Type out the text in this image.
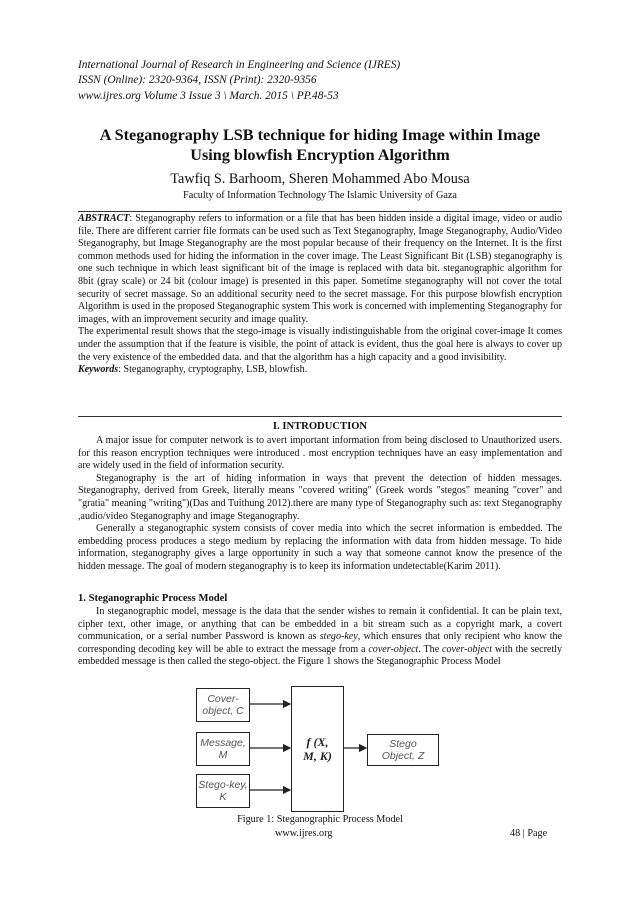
International Journal of Research in Engineering and Science (IJRES)
ISSN (Online): 2320-9364, ISSN (Print): 2320-9356
www.ijres.org Volume 3 Issue 3 \ March. 2015 \ PP.48-53
A Steganography LSB technique for hiding Image within Image
Using blowfish Encryption Algorithm
Tawfiq S. Barhoom, Sheren Mohammed Abo Mousa
Faculty of Information Technology The Islamic University of Gaza

ABSTRACT: Steganography refers to information or a file that has been hidden inside a digital image, video or audio file. There are different carrier file formats can be used such as Text Steganography, Image Steganography, Audio/Video Steganography, but Image Steganography are the most popular because of their frequency on the Internet. It is the first common methods used for hiding the information in the cover image. The Least Significant Bit (LSB) steganography is one such technique in which least significant bit of the image is replaced with data bit. steganographic algorithm for 8bit (gray scale) or 24 bit (colour image) is presented in this paper. Sometime steganography will not cover the total security of secret massage. So an additional security need to the secret massage. For this purpose blowfish encryption Algorithm is used in the proposed Steganographic system This work is concerned with implementing Steganography for images, with an improvement security and image quality.

The experimental result shows that the stego-image is visually indistinguishable from the original cover-image It comes under the assumption that if the feature is visible, the point of attack is evident, thus the goal here is always to cover up the very existence of the embedded data. and that the algorithm has a high capacity and a good invisibility.

Keywords: Steganography, cryptography, LSB, blowfish.

I. INTRODUCTION

A major issue for computer network is to avert important information from being disclosed to Unauthorized users. for this reason encryption techniques were introduced . most encryption techniques have an easy implementation and are widely used in the field of information security.

Steganography is the art of hiding information in ways that prevent the detection of hidden messages. Steganography, derived from Greek, literally means "covered writing" (Greek words "stegos" meaning "cover" and "gratia" meaning "writing")(Das and Tuithung 2012).there are many type of Steganography such as: text Steganography ,audio/video Steganography and image Steganography.

Generally a steganographic system consists of cover media into which the secret information is embedded. The embedding process produces a stego medium by replacing the information with data from hidden message. To hide information, steganography gives a large opportunity in such a way that someone cannot know the presence of the hidden message. The goal of modern steganography is to keep its information undetectable(Karim 2011).

1. Steganographic Process Model

In steganographic model, message is the data that the sender wishes to remain it confidential. It can be plain text, cipher text, other image, or anything that can be embedded in a bit stream such as a copyright mark, a covert communication, or a serial number Password is known as stego-key, which ensures that only recipient who know the corresponding decoding key will be able to extract the message from a cover-object. The cover-object with the secretly embedded message is then called the stego-object. the Figure 1 shows the Steganographic Process Model

Cover-
object, C
Message,
M
Stego-key,
K
f (X,
M, K)
Stego
Object, Z
Figure 1: Steganographic Process Model
www.ijres.org	48 | Page
